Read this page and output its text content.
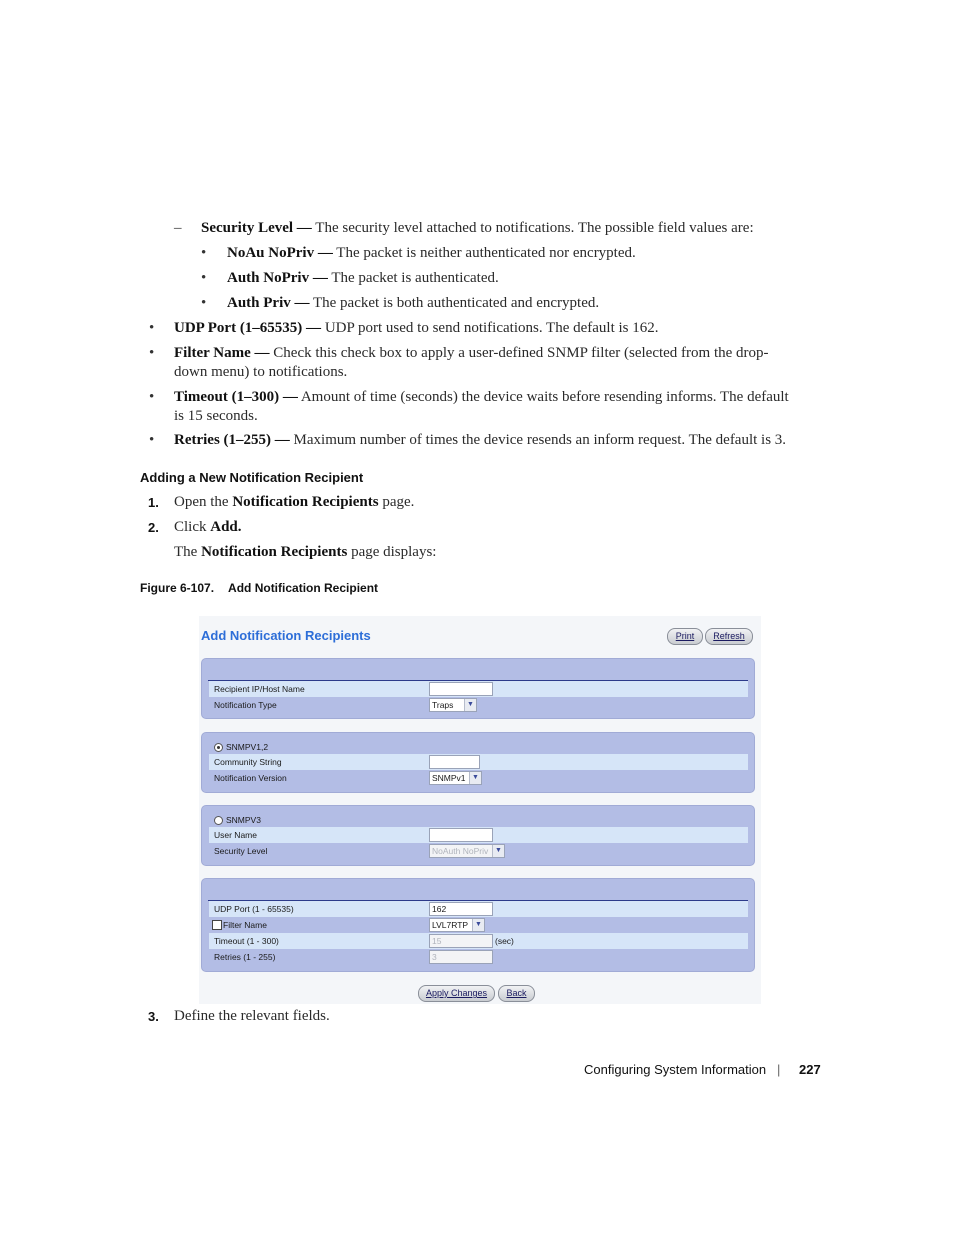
– Security Level — The security level attached to notifications. The possible field values are:
• NoAu NoPriv — The packet is neither authenticated nor encrypted.
• Auth NoPriv — The packet is authenticated.
• Auth Priv — The packet is both authenticated and encrypted.
• UDP Port (1–65535) — UDP port used to send notifications. The default is 162.
• Filter Name — Check this check box to apply a user-defined SNMP filter (selected from the drop-
down menu) to notifications.
• Timeout (1–300) — Amount of time (seconds) the device waits before resending informs. The default
is 15 seconds.
• Retries (1–255) — Maximum number of times the device resends an inform request. The default is 3.
Adding a New Notification Recipient
1. Open the Notification Recipients page.
2. Click Add.
The Notification Recipients page displays:
Figure 6-107. Add Notification Recipient
Add Notification Recipients	Print	Refresh
Recipient IP/Host Name
Notification Type	Traps	▼
SNMPV1,2
Community String
Notification Version	SNMPv1 ▼
SNMPV3
User Name
Security Level	NoAuth NoPriv ▼
UDP Port (1 - 65535)	162
Filter Name	LVL7RTP ▼
Timeout (1 - 300)	15	(sec)
Retries (1 - 255)	3
Apply Changes	Back
3. Define the relevant fields.
Configuring System Information | 227
